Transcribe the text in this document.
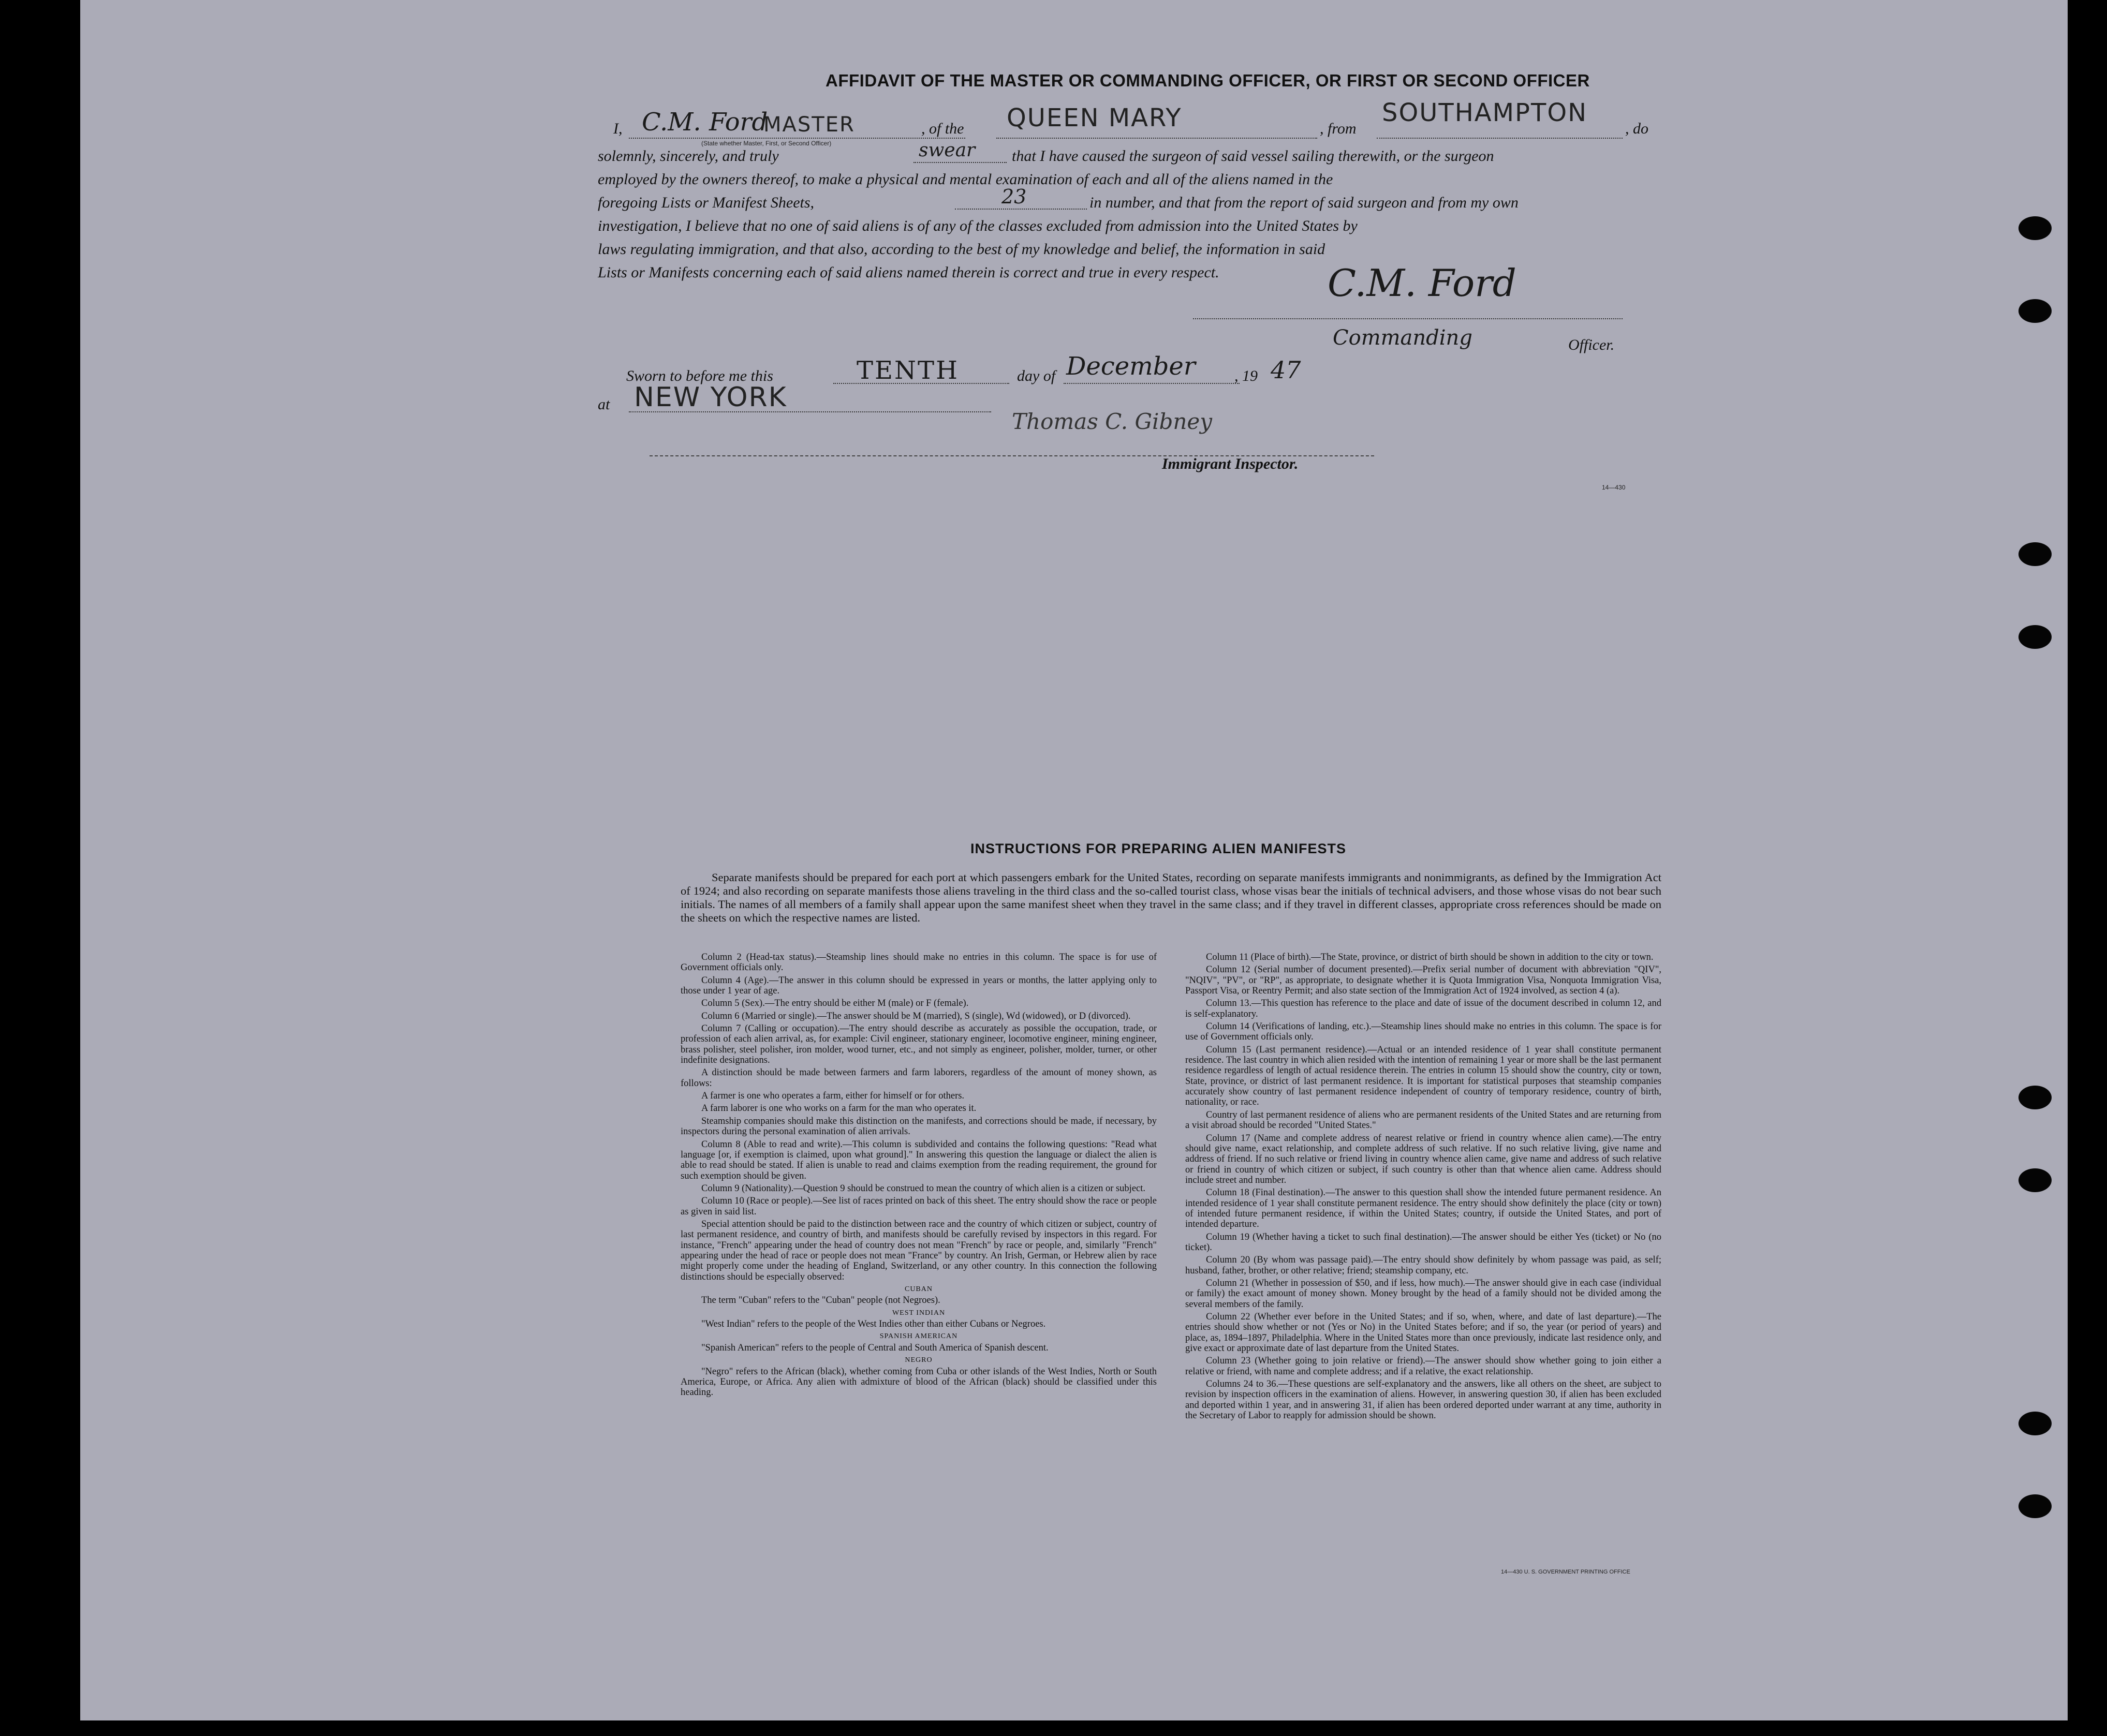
AFFIDAVIT OF THE MASTER OR COMMANDING OFFICER, OR FIRST OR SECOND OFFICER
I, C.M. Ford
MASTER
(State whether Master, First, or Second Officer)
, of the QUEEN MARY	, from
SOUTHAMPTON
, do
solemnly, sincerely, and truly	swear that I have caused the surgeon of said vessel sailing therewith, or the surgeon
employed by the owners thereof, to make a physical and mental examination of each and all of the aliens named in the
foregoing Lists or Manifest Sheets,	23	in number, and that from the report of said surgeon and from my own
investigation, I believe that no one of said aliens is of any of the classes excluded from admission into the United States by
laws regulating immigration, and that also, according to the best of my knowledge and belief, the information in said
Lists or Manifests concerning each of said aliens named therein is correct and true in every respect.	C.M. Ford
Commanding	Officer.
Sworn to before me this	TENTH	day of December	, 19 47
at NEW YORK
Thomas C. Gibney
Immigrant Inspector.
14—430
INSTRUCTIONS FOR PREPARING ALIEN MANIFESTS
Separate manifests should be prepared for each port at which passengers embark for the United States, recording on separate manifests immigrants and nonimmigrants, as defined by the Immigration Act of 1924; and also recording on separate manifests those aliens traveling in the third class and the so-called tourist class, whose visas bear the initials of technical advisers, and those whose visas do not bear such initials. The names of all members of a family shall appear upon the same manifest sheet when they travel in the same class; and if they travel in different classes, appropriate cross references should be made on the sheets on which the respective names are listed.

Column 2 (Head-tax status).—Steamship lines should make no entries in this column. The space is for use of Government officials only.

Column 4 (Age).—The answer in this column should be expressed in years or months, the latter applying only to those under 1 year of age.

Column 5 (Sex).—The entry should be either M (male) or F (female).

Column 6 (Married or single).—The answer should be M (married), S (single), Wd (widowed), or D (divorced).

Column 7 (Calling or occupation).—The entry should describe as accurately as possible the occupation, trade, or profession of each alien arrival, as, for example: Civil engineer, stationary engineer, locomotive engineer, mining engineer, brass polisher, steel polisher, iron molder, wood turner, etc., and not simply as engineer, polisher, molder, turner, or other indefinite designations.

A distinction should be made between farmers and farm laborers, regardless of the amount of money shown, as follows:

A farmer is one who operates a farm, either for himself or for others.

A farm laborer is one who works on a farm for the man who operates it.

Steamship companies should make this distinction on the manifests, and corrections should be made, if necessary, by inspectors during the personal examination of alien arrivals.

Column 8 (Able to read and write).—This column is subdivided and contains the following questions: "Read what language [or, if exemption is claimed, upon what ground]." In answering this question the language or dialect the alien is able to read should be stated. If alien is unable to read and claims exemption from the reading requirement, the ground for such exemption should be given.

Column 9 (Nationality).—Question 9 should be construed to mean the country of which alien is a citizen or subject.

Column 10 (Race or people).—See list of races printed on back of this sheet. The entry should show the race or people as given in said list.

Special attention should be paid to the distinction between race and the country of which citizen or subject, country of last permanent residence, and country of birth, and manifests should be carefully revised by inspectors in this regard. For instance, "French" appearing under the head of country does not mean "French" by race or people, and, similarly "French" appearing under the head of race or people does not mean "France" by country. An Irish, German, or Hebrew alien by race might properly come under the heading of England, Switzerland, or any other country. In this connection the following distinctions should be especially observed:

CUBAN

The term "Cuban" refers to the "Cuban" people (not Negroes).

WEST INDIAN

"West Indian" refers to the people of the West Indies other than either Cubans or Negroes.

SPANISH AMERICAN

"Spanish American" refers to the people of Central and South America of Spanish descent.

NEGRO

"Negro" refers to the African (black), whether coming from Cuba or other islands of the West Indies, North or South America, Europe, or Africa. Any alien with admixture of blood of the African (black) should be classified under this heading.

Column 11 (Place of birth).—The State, province, or district of birth should be shown in addition to the city or town.

Column 12 (Serial number of document presented).—Prefix serial number of document with abbreviation "QIV", "NQIV", "PV", or "RP", as appropriate, to designate whether it is Quota Immigration Visa, Nonquota Immigration Visa, Passport Visa, or Reentry Permit; and also state section of the Immigration Act of 1924 involved, as section 4 (a).

Column 13.—This question has reference to the place and date of issue of the document described in column 12, and is self-explanatory.

Column 14 (Verifications of landing, etc.).—Steamship lines should make no entries in this column. The space is for use of Government officials only.

Column 15 (Last permanent residence).—Actual or an intended residence of 1 year shall constitute permanent residence. The last country in which alien resided with the intention of remaining 1 year or more shall be the last permanent residence regardless of length of actual residence therein. The entries in column 15 should show the country, city or town, State, province, or district of last permanent residence. It is important for statistical purposes that steamship companies accurately show country of last permanent residence independent of country of temporary residence, country of birth, nationality, or race.

Country of last permanent residence of aliens who are permanent residents of the United States and are returning from a visit abroad should be recorded "United States."

Column 17 (Name and complete address of nearest relative or friend in country whence alien came).—The entry should give name, exact relationship, and complete address of such relative. If no such relative living, give name and address of friend. If no such relative or friend living in country whence alien came, give name and address of such relative or friend in country of which citizen or subject, if such country is other than that whence alien came. Address should include street and number.

Column 18 (Final destination).—The answer to this question shall show the intended future permanent residence. An intended residence of 1 year shall constitute permanent residence. The entry should show definitely the place (city or town) of intended future permanent residence, if within the United States; country, if outside the United States, and port of intended departure.

Column 19 (Whether having a ticket to such final destination).—The answer should be either Yes (ticket) or No (no ticket).

Column 20 (By whom was passage paid).—The entry should show definitely by whom passage was paid, as self; husband, father, brother, or other relative; friend; steamship company, etc.

Column 21 (Whether in possession of $50, and if less, how much).—The answer should give in each case (individual or family) the exact amount of money shown. Money brought by the head of a family should not be divided among the several members of the family.

Column 22 (Whether ever before in the United States; and if so, when, where, and date of last departure).—The entries should show whether or not (Yes or No) in the United States before; and if so, the year (or period of years) and place, as, 1894–1897, Philadelphia. Where in the United States more than once previously, indicate last residence only, and give exact or approximate date of last departure from the United States.

Column 23 (Whether going to join relative or friend).—The answer should show whether going to join either a relative or friend, with name and complete address; and if a relative, the exact relationship.

Columns 24 to 36.—These questions are self-explanatory and the answers, like all others on the sheet, are subject to revision by inspection officers in the examination of aliens. However, in answering question 30, if alien has been excluded and deported within 1 year, and in answering 31, if alien has been ordered deported under warrant at any time, authority in the Secretary of Labor to reapply for admission should be shown.

14—430 U. S. GOVERNMENT PRINTING OFFICE
